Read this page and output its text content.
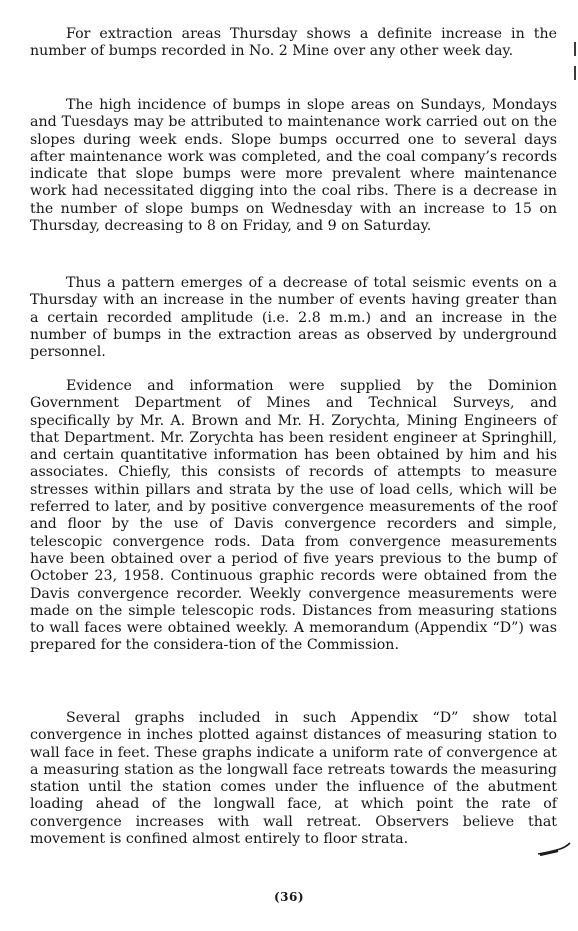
For extraction areas Thursday shows a definite increase in the number of bumps recorded in No. 2 Mine over any other week day.

The high incidence of bumps in slope areas on Sundays, Mondays and Tuesdays may be attributed to maintenance work carried out on the slopes during week ends. Slope bumps occurred one to several days after maintenance work was completed, and the coal company’s records indicate that slope bumps were more prevalent where maintenance work had necessitated digging into the coal ribs. There is a decrease in the number of slope bumps on Wednesday with an increase to 15 on Thursday, decreasing to 8 on Friday, and 9 on Saturday.

Thus a pattern emerges of a decrease of total seismic events on a Thursday with an increase in the number of events having greater than a certain recorded amplitude (i.e. 2.8 m.m.) and an increase in the number of bumps in the extraction areas as observed by underground personnel.

Evidence and information were supplied by the Dominion Government Department of Mines and Technical Surveys, and specifically by Mr. A. Brown and Mr. H. Zorychta, Mining Engineers of that Department. Mr. Zorychta has been resident engineer at Springhill, and certain quantitative information has been obtained by him and his associates. Chiefly, this consists of records of attempts to measure stresses within pillars and strata by the use of load cells, which will be referred to later, and by positive convergence measurements of the roof and floor by the use of Davis convergence recorders and simple, telescopic convergence rods. Data from convergence measurements have been obtained over a period of five years previous to the bump of October 23, 1958. Continuous graphic records were obtained from the Davis convergence recorder. Weekly convergence measurements were made on the simple telescopic rods. Distances from measuring stations to wall faces were obtained weekly. A memorandum (Appendix “D”) was prepared for the considera-tion of the Commission.

Several graphs included in such Appendix “D” show total convergence in inches plotted against distances of measuring station to wall face in feet. These graphs indicate a uniform rate of convergence at a measuring station as the longwall face retreats towards the measuring station until the station comes under the influence of the abutment loading ahead of the longwall face, at which point the rate of convergence increases with wall retreat. Observers believe that movement is confined almost entirely to floor strata.

(36)
